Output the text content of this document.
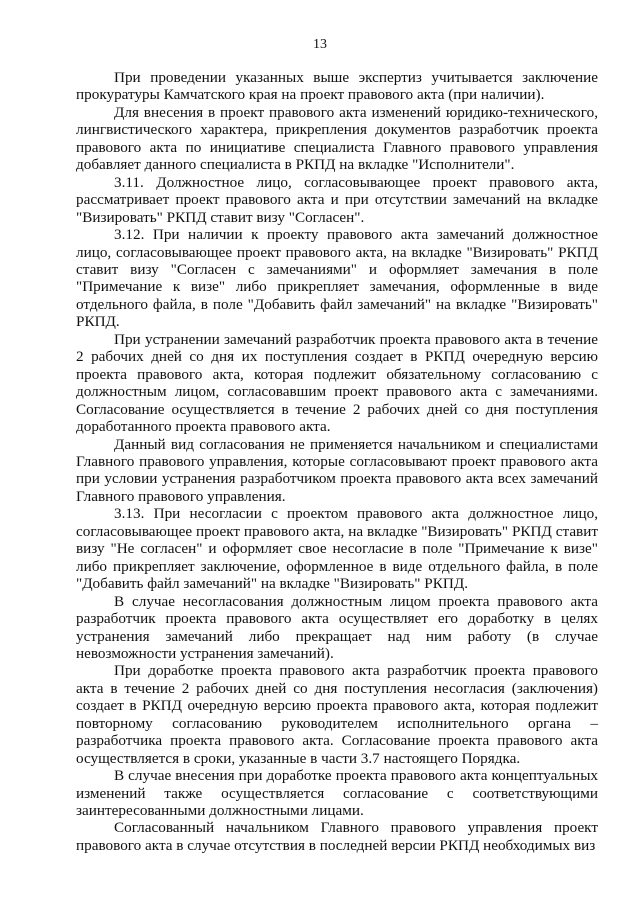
13

При проведении указанных выше экспертиз учитывается заключение прокуратуры Камчатского края на проект правового акта (при наличии).

Для внесения в проект правового акта изменений юридико-технического, лингвистического характера, прикрепления документов разработчик проекта правового акта по инициативе специалиста Главного правового управления добавляет данного специалиста в РКПД на вкладке "Исполнители".

3.11. Должностное лицо, согласовывающее проект правового акта, рассматривает проект правового акта и при отсутствии замечаний на вкладке "Визировать" РКПД ставит визу "Согласен".

3.12. При наличии к проекту правового акта замечаний должностное лицо, согласовывающее проект правового акта, на вкладке "Визировать" РКПД ставит визу "Согласен с замечаниями" и оформляет замечания в поле "Примечание к визе" либо прикрепляет замечания, оформленные в виде отдельного файла, в поле "Добавить файл замечаний" на вкладке "Визировать" РКПД.

При устранении замечаний разработчик проекта правового акта в течение 2 рабочих дней со дня их поступления создает в РКПД очередную версию проекта правового акта, которая подлежит обязательному согласованию с должностным лицом, согласовавшим проект правового акта с замечаниями. Согласование осуществляется в течение 2 рабочих дней со дня поступления доработанного проекта правового акта.

Данный вид согласования не применяется начальником и специалистами Главного правового управления, которые согласовывают проект правового акта при условии устранения разработчиком проекта правового акта всех замечаний Главного правового управления.

3.13. При несогласии с проектом правового акта должностное лицо, согласовывающее проект правового акта, на вкладке "Визировать" РКПД ставит визу "Не согласен" и оформляет свое несогласие в поле "Примечание к визе" либо прикрепляет заключение, оформленное в виде отдельного файла, в поле "Добавить файл замечаний" на вкладке "Визировать" РКПД.

В случае несогласования должностным лицом проекта правового акта разработчик проекта правового акта осуществляет его доработку в целях устранения замечаний либо прекращает над ним работу (в случае невозможности устранения замечаний).

При доработке проекта правового акта разработчик проекта правового акта в течение 2 рабочих дней со дня поступления несогласия (заключения) создает в РКПД очередную версию проекта правового акта, которая подлежит повторному согласованию руководителем исполнительного органа – разработчика проекта правового акта. Согласование проекта правового акта осуществляется в сроки, указанные в части 3.7 настоящего Порядка.

В случае внесения при доработке проекта правового акта концептуальных изменений также осуществляется согласование с соответствующими заинтересованными должностными лицами.

Согласованный начальником Главного правового управления проект правового акта в случае отсутствия в последней версии РКПД необходимых виз
